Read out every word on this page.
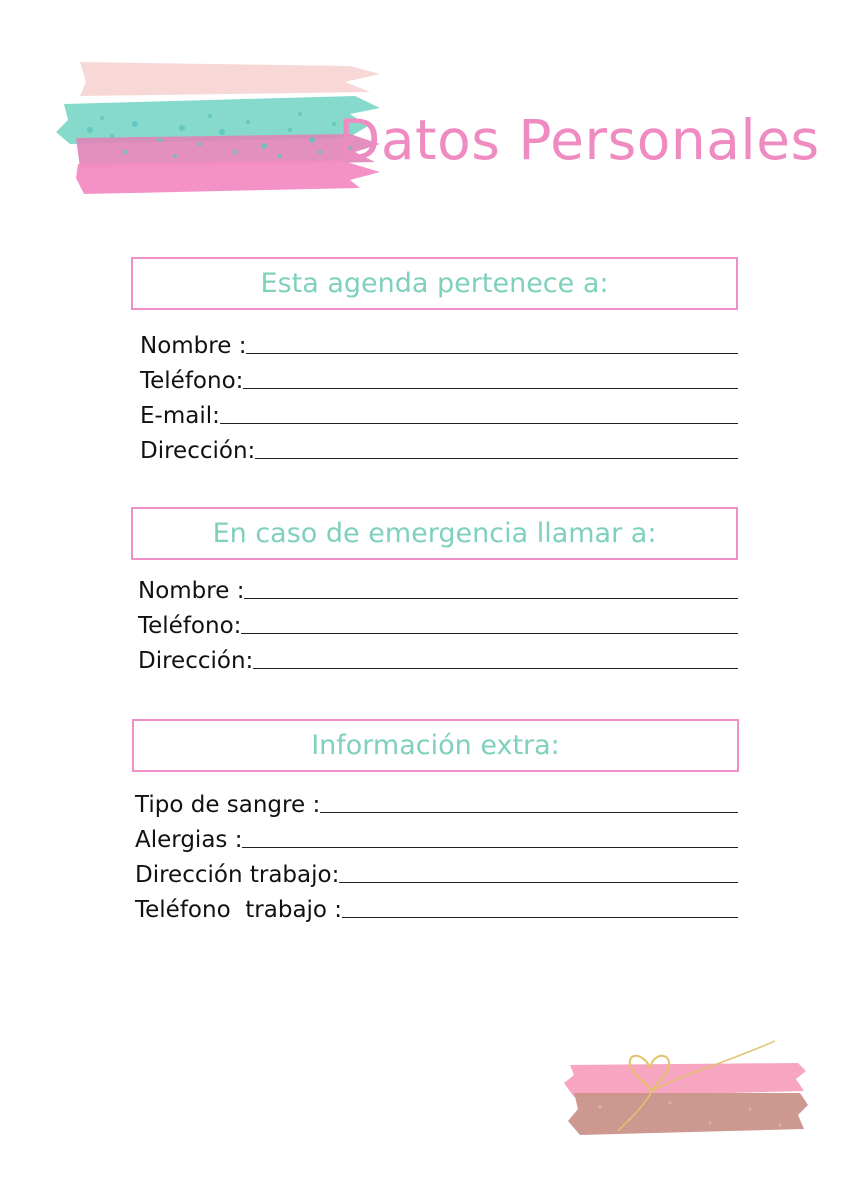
Datos Personales
Esta agenda pertenece a:
Nombre :
Teléfono:
E-mail:
Dirección:
En caso de emergencia llamar a:
Nombre :
Teléfono:
Dirección:
Información extra:
Tipo de sangre :
Alergias :
Dirección trabajo:
Teléfono  trabajo :
